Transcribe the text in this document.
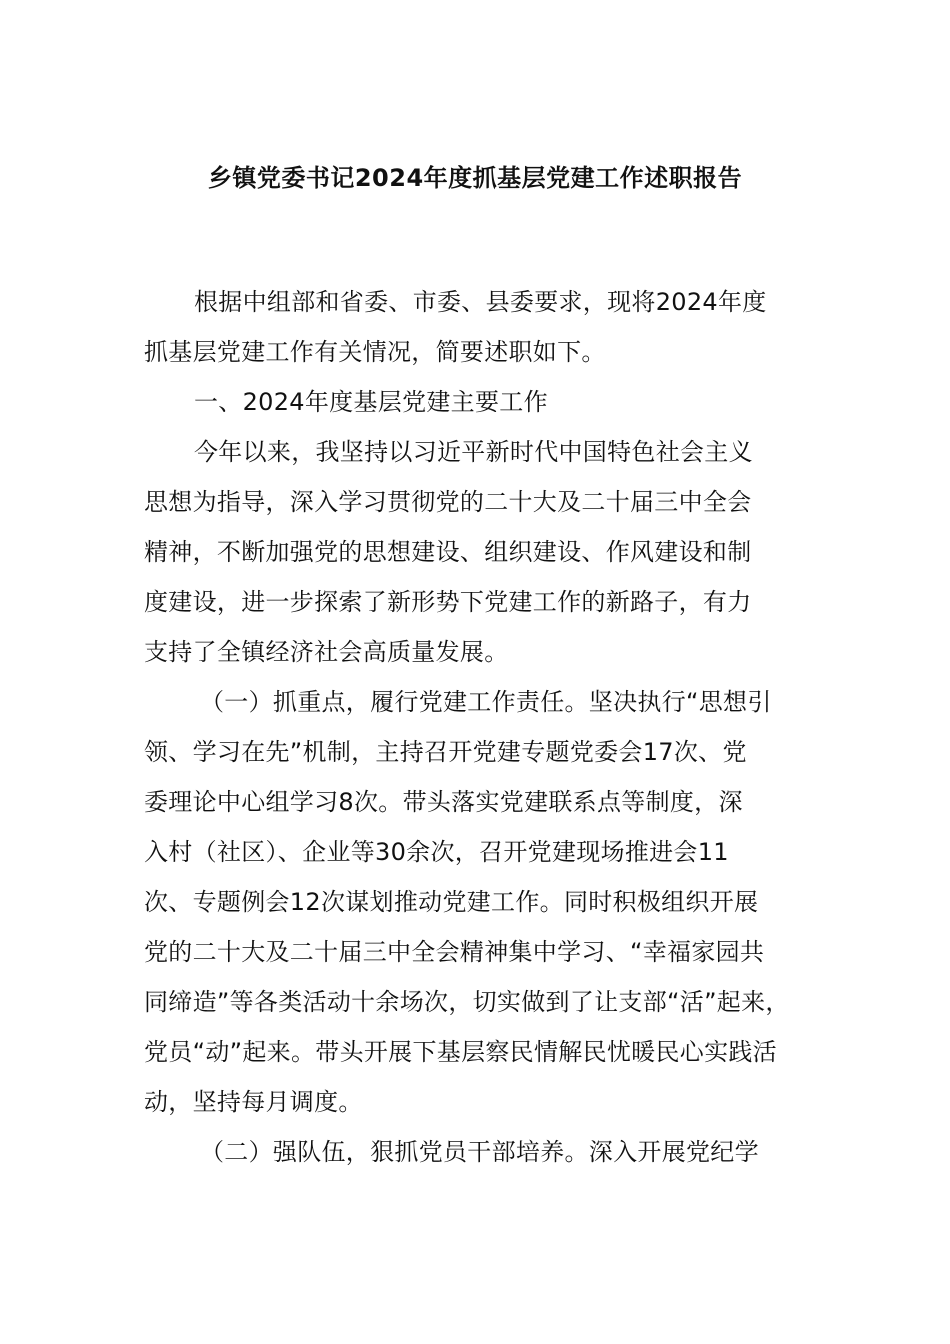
乡镇党委书记2024年度抓基层党建工作述职报告
根据中组部和省委、市委、县委要求，现将2024年度
抓基层党建工作有关情况，简要述职如下。
一、2024年度基层党建主要工作
今年以来，我坚持以习近平新时代中国特色社会主义
思想为指导，深入学习贯彻党的二十大及二十届三中全会
精神，不断加强党的思想建设、组织建设、作风建设和制
度建设，进一步探索了新形势下党建工作的新路子，有力
支持了全镇经济社会高质量发展。
（一）抓重点，履行党建工作责任。坚决执行“思想引
领、学习在先”机制，主持召开党建专题党委会17次、党
委理论中心组学习8次。带头落实党建联系点等制度，深
入村（社区）、企业等30余次，召开党建现场推进会11
次、专题例会12次谋划推动党建工作。同时积极组织开展
党的二十大及二十届三中全会精神集中学习、“幸福家园共
同缔造”等各类活动十余场次，切实做到了让支部“活”起来，
党员“动”起来。带头开展下基层察民情解民忧暖民心实践活
动，坚持每月调度。
（二）强队伍，狠抓党员干部培养。深入开展党纪学
